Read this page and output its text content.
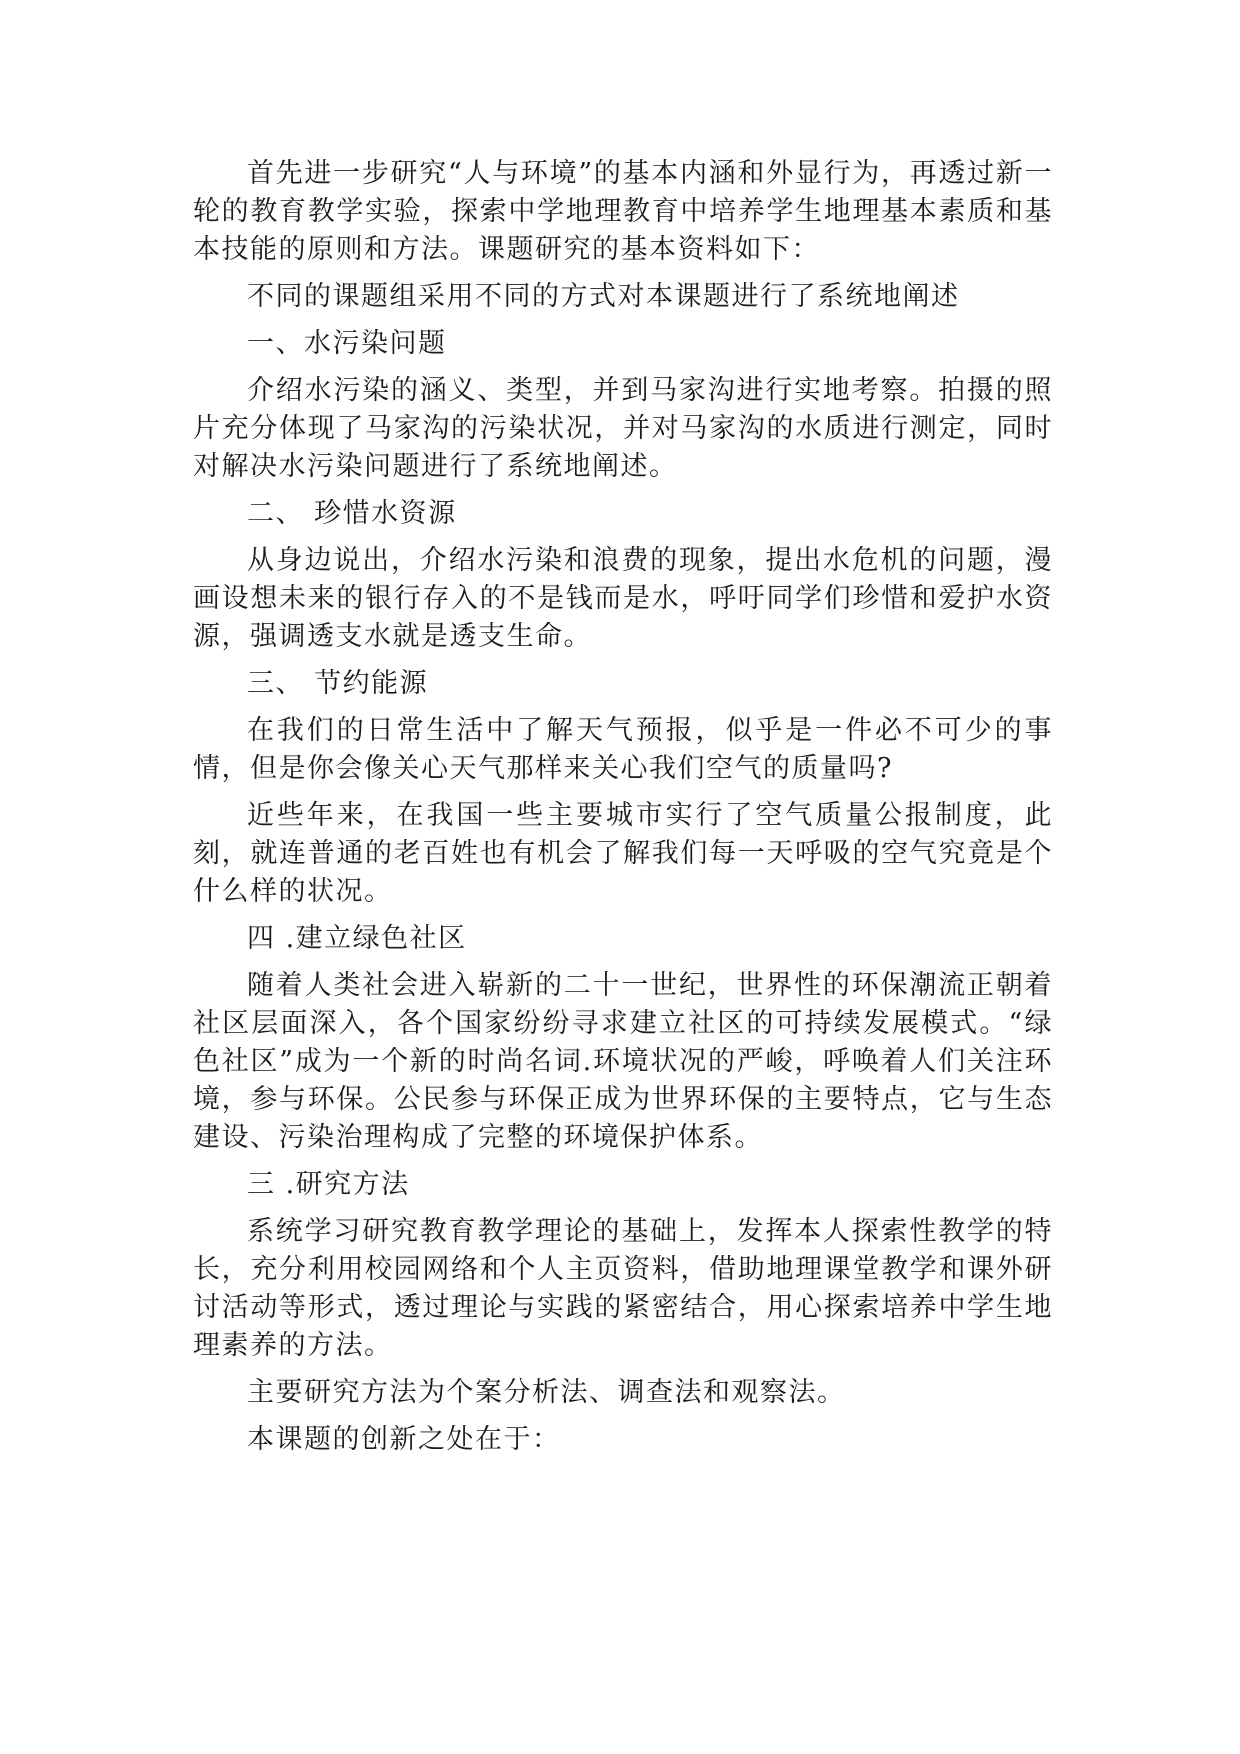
首先进一步研究“人与环境”的基本内涵和外显行为，再透过新一轮的教育教学实验，探索中学地理教育中培养学生地理基本素质和基本技能的原则和方法。课题研究的基本资料如下：

不同的课题组采用不同的方式对本课题进行了系统地阐述

一、水污染问题

介绍水污染的涵义、类型，并到马家沟进行实地考察。拍摄的照片充分体现了马家沟的污染状况，并对马家沟的水质进行测定，同时对解决水污染问题进行了系统地阐述。

二、 珍惜水资源

从身边说出，介绍水污染和浪费的现象，提出水危机的问题，漫画设想未来的银行存入的不是钱而是水，呼吁同学们珍惜和爱护水资源，强调透支水就是透支生命。

三、 节约能源

在我们的日常生活中了解天气预报，似乎是一件必不可少的事情，但是你会像关心天气那样来关心我们空气的质量吗?

近些年来，在我国一些主要城市实行了空气质量公报制度，此刻，就连普通的老百姓也有机会了解我们每一天呼吸的空气究竟是个什么样的状况。

四 .建立绿色社区

随着人类社会进入崭新的二十一世纪，世界性的环保潮流正朝着社区层面深入，各个国家纷纷寻求建立社区的可持续发展模式。“绿色社区”成为一个新的时尚名词.环境状况的严峻，呼唤着人们关注环境，参与环保。公民参与环保正成为世界环保的主要特点，它与生态建设、污染治理构成了完整的环境保护体系。

三 .研究方法

系统学习研究教育教学理论的基础上，发挥本人探索性教学的特长，充分利用校园网络和个人主页资料，借助地理课堂教学和课外研讨活动等形式，透过理论与实践的紧密结合，用心探索培养中学生地理素养的方法。

主要研究方法为个案分析法、调查法和观察法。

本课题的创新之处在于：
